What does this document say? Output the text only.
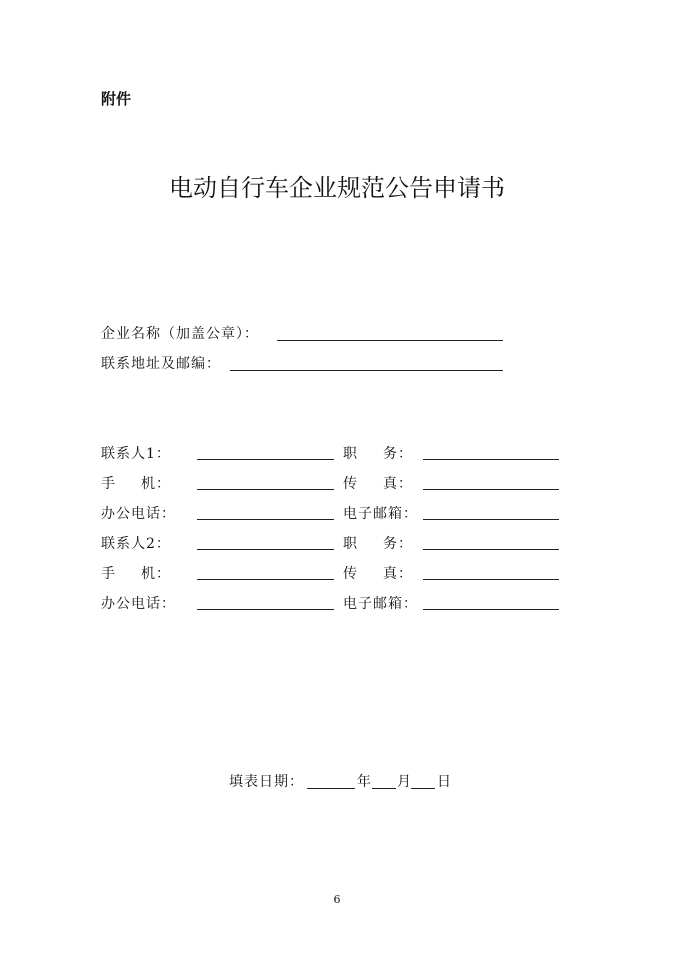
附件
电动自行车企业规范公告申请书
企业名称（加盖公章）：
联系地址及邮编：
联系人1：	职 务：
手 机：	传 真：
办公电话：	电子邮箱：
联系人2：	职 务：
手 机：	传 真：
办公电话：	电子邮箱：
填表日期：	年 月 日
6
